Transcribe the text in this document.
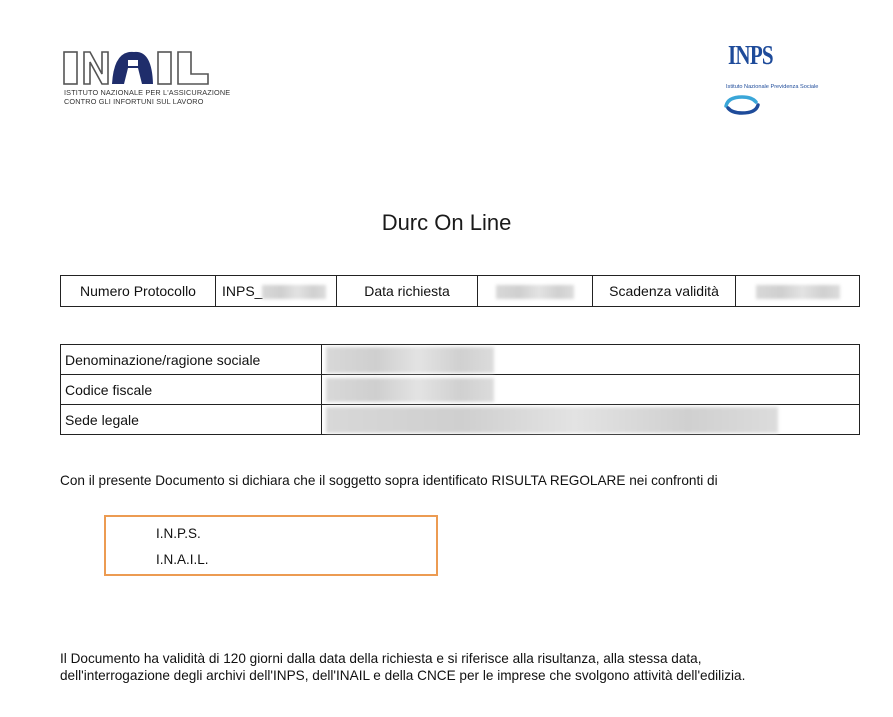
ISTITUTO NAZIONALE PER L'ASSICURAZIONE
CONTRO GLI INFORTUNI SUL LAVORO
INPS
Istituto Nazionale Previdenza Sociale
Durc On Line
Numero Protocollo	INPS_	Data richiesta		Scadenza validità	
Denominazione/ragione sociale	
Codice fiscale	
Sede legale	
Con il presente Documento si dichiara che il soggetto sopra identificato RISULTA REGOLARE nei confronti di
I.N.P.S.
I.N.A.I.L.
Il Documento ha validità di 120 giorni dalla data della richiesta e si riferisce alla risultanza, alla stessa data,
dell'interrogazione degli archivi dell'INPS, dell'INAIL e della CNCE per le imprese che svolgono attività dell'edilizia.
